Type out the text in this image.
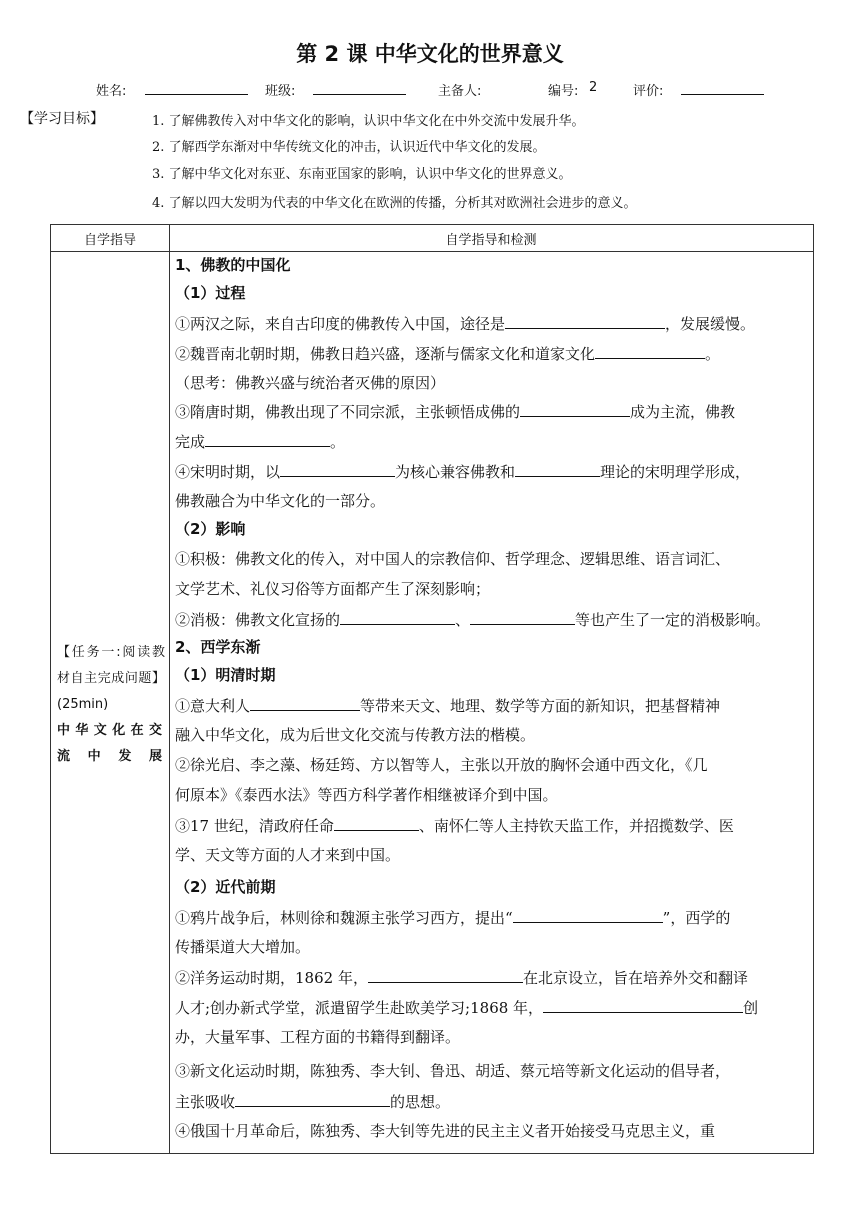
第 2 课 中华文化的世界意义
姓名:	班级:	主备人:	编号: 2	评价:
【学习目标】	1. 了解佛教传入对中华文化的影响，认识中华文化在中外交流中发展升华。
2. 了解西学东渐对中华传统文化的冲击，认识近代中华文化的发展。
3. 了解中华文化对东亚、东南亚国家的影响，认识中华文化的世界意义。
4. 了解以四大发明为代表的中华文化在欧洲的传播，分析其对欧洲社会进步的意义。
自学指导	自学指导和检测
【任务一:阅读教材自主完成问题】(25min)
中华文化在交流中发展
1、佛教的中国化
（1）过程
①两汉之际，来自古印度的佛教传入中国，途径是	，发展缓慢。
②魏晋南北朝时期，佛教日趋兴盛，逐渐与儒家文化和道家文化	。
（思考：佛教兴盛与统治者灭佛的原因）
③隋唐时期，佛教出现了不同宗派，主张顿悟成佛的	成为主流，佛教
完成	。
④宋明时期，以	为核心兼容佛教和	理论的宋明理学形成，
佛教融合为中华文化的一部分。
（2）影响
①积极：佛教文化的传入，对中国人的宗教信仰、哲学理念、逻辑思维、语言词汇、
文学艺术、礼仪习俗等方面都产生了深刻影响；
②消极：佛教文化宣扬的	、	等也产生了一定的消极影响。
2、西学东渐
（1）明清时期
①意大利人	等带来天文、地理、数学等方面的新知识，把基督精神
融入中华文化，成为后世文化交流与传教方法的楷模。
②徐光启、李之藻、杨廷筠、方以智等人，主张以开放的胸怀会通中西文化，《几
何原本》《泰西水法》等西方科学著作相继被译介到中国。
③17 世纪，清政府任命	、南怀仁等人主持钦天监工作，并招揽数学、医
学、天文等方面的人才来到中国。
（2）近代前期
①鸦片战争后，林则徐和魏源主张学习西方，提出“	”，西学的
传播渠道大大增加。
②洋务运动时期，1862 年，	在北京设立，旨在培养外交和翻译
人才;创办新式学堂，派遣留学生赴欧美学习;1868 年，	创
办，大量军事、工程方面的书籍得到翻译。
③新文化运动时期，陈独秀、李大钊、鲁迅、胡适、蔡元培等新文化运动的倡导者，
主张吸收	的思想。
④俄国十月革命后，陈独秀、李大钊等先进的民主主义者开始接受马克思主义，重
